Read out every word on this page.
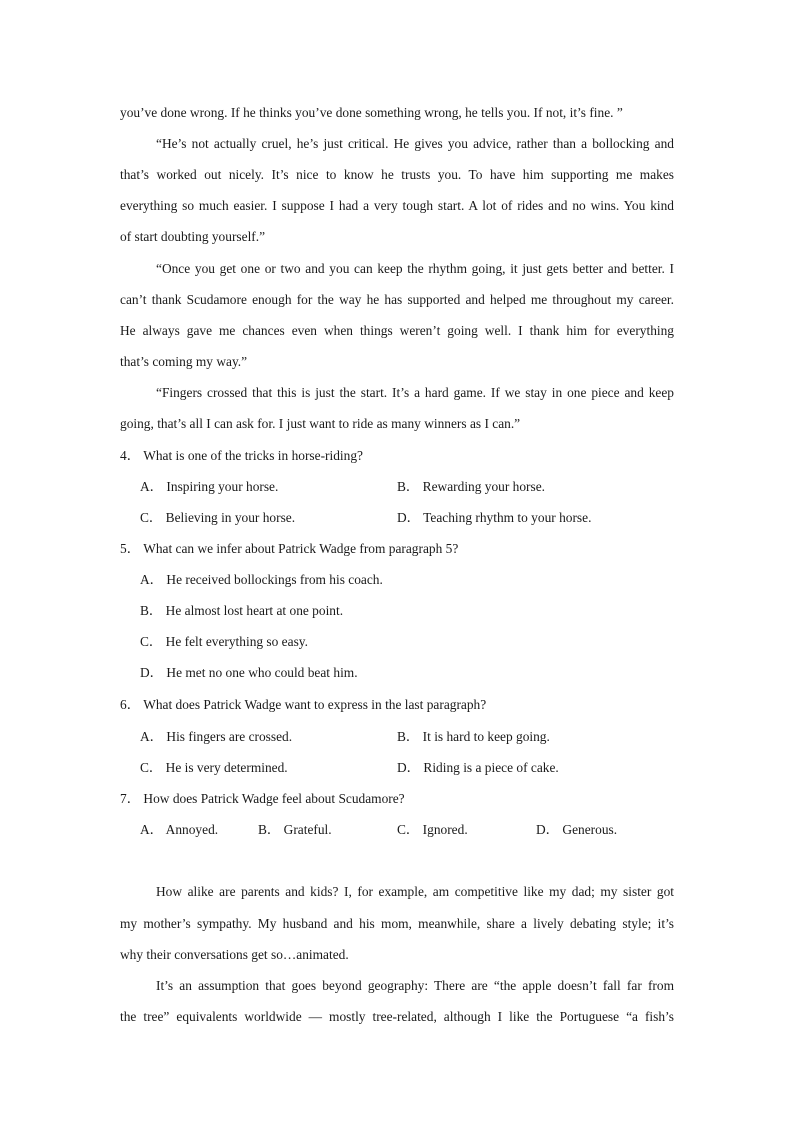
you’ve done wrong. If he thinks you’ve done something wrong, he tells you. If not, it’s fine. ”
“He’s not actually cruel, he’s just critical. He gives you advice, rather than a bollocking and
that’s worked out nicely. It’s nice to know he trusts you. To have him supporting me makes
everything so much easier. I suppose I had a very tough start. A lot of rides and no wins. You kind
of start doubting yourself.”
“Once you get one or two and you can keep the rhythm going, it just gets better and better. I
can’t thank Scudamore enough for the way he has supported and helped me throughout my career.
He always gave me chances even when things weren’t going well. I thank him for everything
that’s coming my way.”
“Fingers crossed that this is just the start. It’s a hard game. If we stay in one piece and keep
going, that’s all I can ask for. I just want to ride as many winners as I can.”
4． What is one of the tricks in horse-riding?
A． Inspiring your horse.	B． Rewarding your horse.
C． Believing in your horse.	D． Teaching rhythm to your horse.
5． What can we infer about Patrick Wadge from paragraph 5?
A． He received bollockings from his coach.
B． He almost lost heart at one point.
C． He felt everything so easy.
D． He met no one who could beat him.
6． What does Patrick Wadge want to express in the last paragraph?
A． His fingers are crossed.	B． It is hard to keep going.
C． He is very determined.	D． Riding is a piece of cake.
7． How does Patrick Wadge feel about Scudamore?
A． Annoyed.	B． Grateful.	C． Ignored.	D． Generous.
How alike are parents and kids? I, for example, am competitive like my dad; my sister got
my mother’s sympathy. My husband and his mom, meanwhile, share a lively debating style; it’s
why their conversations get so…animated.
It’s an assumption that goes beyond geography: There are “the apple doesn’t fall far from
the tree” equivalents worldwide — mostly tree-related, although I like the Portuguese “a fish’s
